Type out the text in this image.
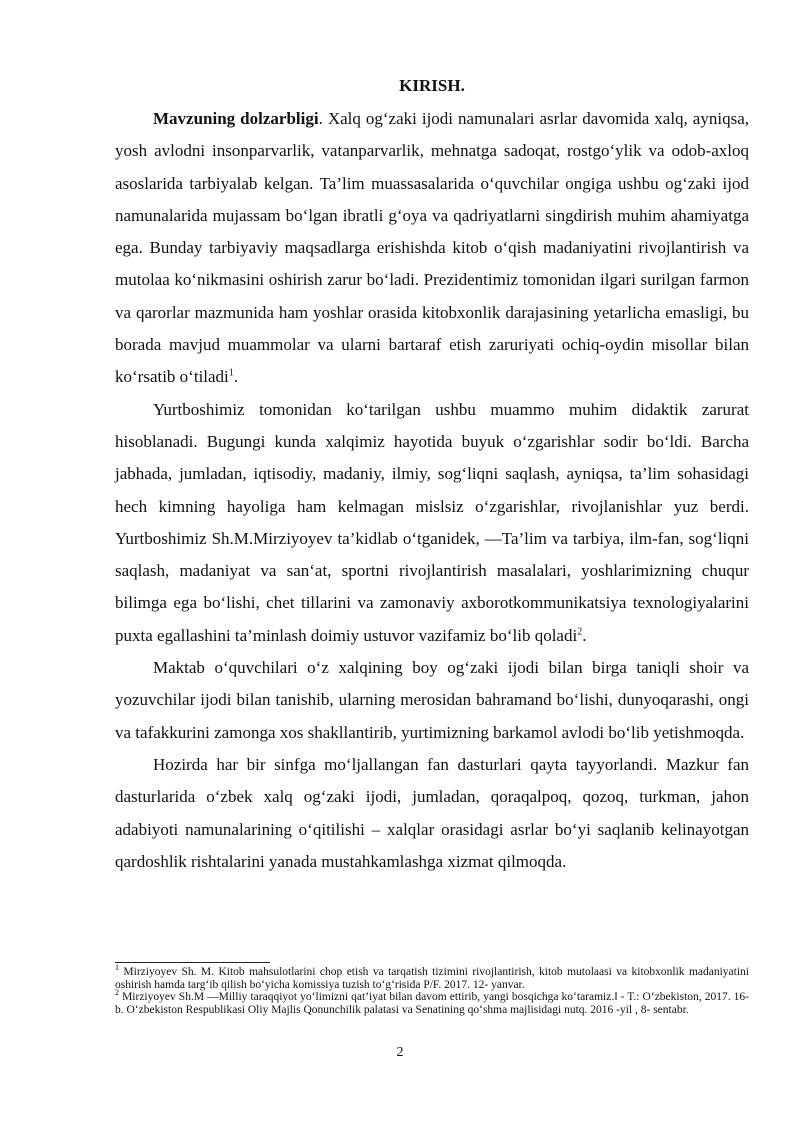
KIRISH.

Mavzuning dolzarbligi. Xalq og‘zaki ijodi namunalari asrlar davomida xalq, ayniqsa, yosh avlodni insonparvarlik, vatanparvarlik, mehnatga sadoqat, rostgo‘ylik va odob-axloq asoslarida tarbiyalab kelgan. Ta’lim muassasalarida o‘quvchilar ongiga ushbu og‘zaki ijod namunalarida mujassam bo‘lgan ibratli g‘oya va qadriyatlarni singdirish muhim ahamiyatga ega. Bunday tarbiyaviy maqsadlarga erishishda kitob o‘qish madaniyatini rivojlantirish va mutolaa ko‘nikmasini oshirish zarur bo‘ladi. Prezidentimiz tomonidan ilgari surilgan farmon va qarorlar mazmunida ham yoshlar orasida kitobxonlik darajasining yetarlicha emasligi, bu borada mavjud muammolar va ularni bartaraf etish zaruriyati ochiq-oydin misollar bilan ko‘rsatib o‘tiladi$^1$.

Yurtboshimiz tomonidan ko‘tarilgan ushbu muammo muhim didaktik zarurat hisoblanadi. Bugungi kunda xalqimiz hayotida buyuk o‘zgarishlar sodir bo‘ldi. Barcha jabhada, jumladan, iqtisodiy, madaniy, ilmiy, sog‘liqni saqlash, ayniqsa, ta’lim sohasidagi hech kimning hayoliga ham kelmagan mislsiz o‘zgarishlar, rivojlanishlar yuz berdi. Yurtboshimiz Sh.M.Mirziyoyev ta’kidlab o‘tganidek, ―Ta’lim va tarbiya, ilm-fan, sog‘liqni saqlash, madaniyat va san‘at, sportni rivojlantirish masalalari, yoshlarimizning chuqur bilimga ega bo‘lishi, chet tillarini va zamonaviy axborotkommunikatsiya texnologiyalarini puxta egallashini ta’minlash doimiy ustuvor vazifamiz bo‘lib qoladi$^2$.

Maktab o‘quvchilari o‘z xalqining boy og‘zaki ijodi bilan birga taniqli shoir va yozuvchilar ijodi bilan tanishib, ularning merosidan bahramand bo‘lishi, dunyoqarashi, ongi va tafakkurini zamonga xos shakllantirib, yurtimizning barkamol avlodi bo‘lib yetishmoqda.

Hozirda har bir sinfga mo‘ljallangan fan dasturlari qayta tayyorlandi. Mazkur fan dasturlarida o‘zbek xalq og‘zaki ijodi, jumladan, qoraqalpoq, qozoq, turkman, jahon adabiyoti namunalarining o‘qitilishi – xalqlar orasidagi asrlar bo‘yi saqlanib kelinayotgan qardoshlik rishtalarini yanada mustahkamlashga xizmat qilmoqda.

$^1$ Mirziyoyev Sh. M. Kitob mahsulotlarini chop etish va tarqatish tizimini rivojlantirish, kitob mutolaasi va kitobxonlik madaniyatini oshirish hamda targ‘ib qilish bo‘yicha komissiya tuzish to‘g‘risida P/F. 2017. 12- yanvar.

$^2$ Mirziyoyev Sh.M ―Milliy taraqqiyot yo‘limizni qat’iyat bilan davom ettirib, yangi bosqichga ko‘taramiz.‖ - T.: O‘zbekiston, 2017. 16-b. O‘zbekiston Respublikasi Oliy Majlis Qonunchilik palatasi va Senatining qo‘shma majlisidagi nutq. 2016 -yil , 8- sentabr.

2
